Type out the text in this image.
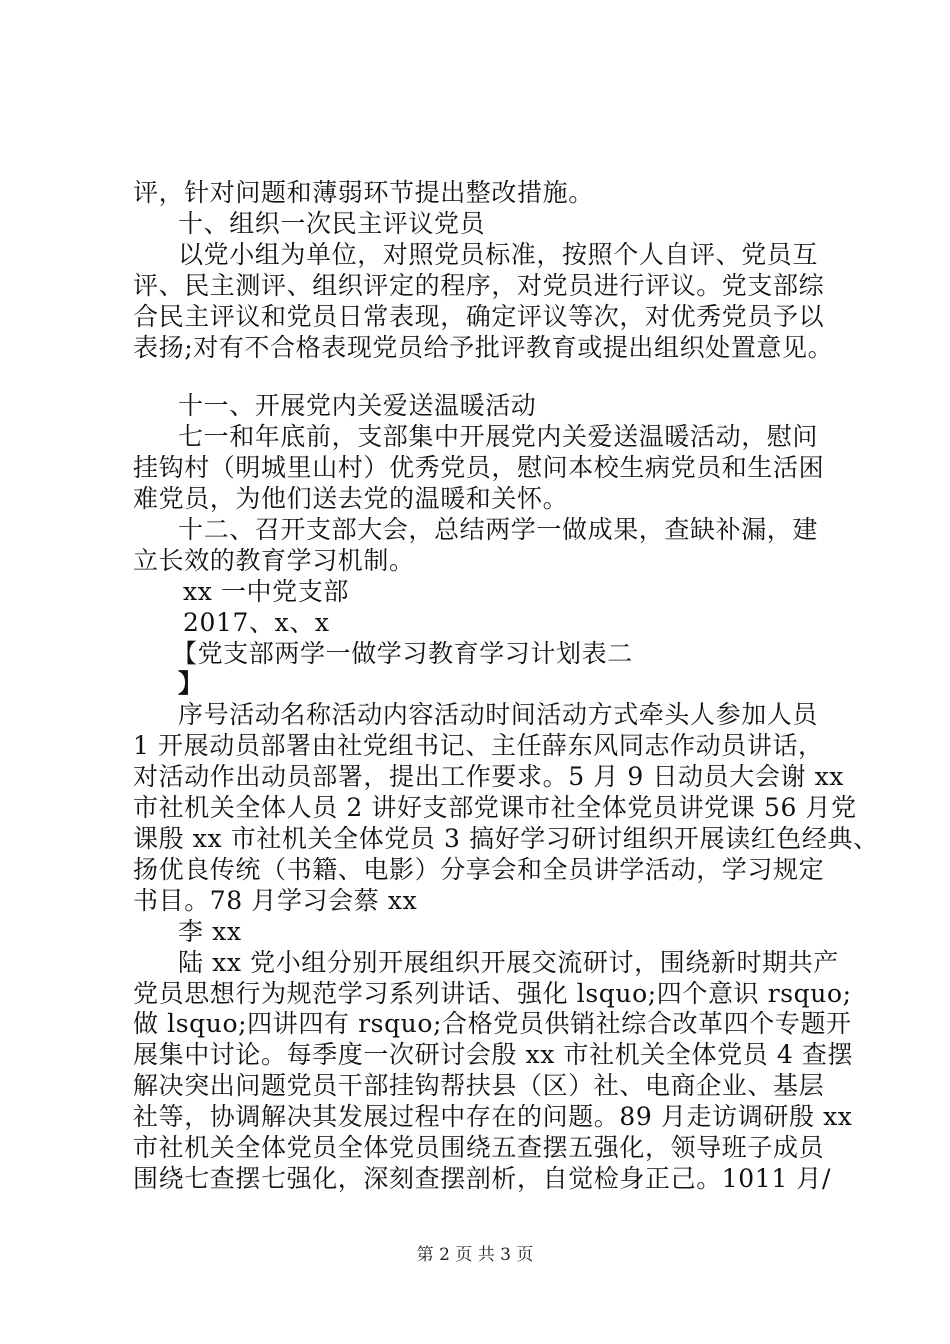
评，针对问题和薄弱环节提出整改措施。
十、组织一次民主评议党员
以党小组为单位，对照党员标准，按照个人自评、党员互
评、民主测评、组织评定的程序，对党员进行评议。党支部综
合民主评议和党员日常表现，确定评议等次，对优秀党员予以
表扬;对有不合格表现党员给予批评教育或提出组织处置意见。
十一、开展党内关爱送温暖活动
七一和年底前，支部集中开展党内关爱送温暖活动，慰问
挂钩村（明城里山村）优秀党员，慰问本校生病党员和生活困
难党员，为他们送去党的温暖和关怀。
十二、召开支部大会，总结两学一做成果，查缺补漏，建
立长效的教育学习机制。
xx 一中党支部
2017、x、x
【党支部两学一做学习教育学习计划表二
】
序号活动名称活动内容活动时间活动方式牵头人参加人员
1 开展动员部署由社党组书记、主任薛东风同志作动员讲话，
对活动作出动员部署，提出工作要求。5 月 9 日动员大会谢 xx
市社机关全体人员 2 讲好支部党课市社全体党员讲党课 56 月党
课殷 xx 市社机关全体党员 3 搞好学习研讨组织开展读红色经典、
扬优良传统（书籍、电影）分享会和全员讲学活动，学习规定
书目。78 月学习会蔡 xx
李 xx
陆 xx 党小组分别开展组织开展交流研讨，围绕新时期共产
党员思想行为规范学习系列讲话、强化 lsquo;四个意识 rsquo;
做 lsquo;四讲四有 rsquo;合格党员供销社综合改革四个专题开
展集中讨论。每季度一次研讨会殷 xx 市社机关全体党员 4 查摆
解决突出问题党员干部挂钩帮扶县（区）社、电商企业、基层
社等，协调解决其发展过程中存在的问题。89 月走访调研殷 xx
市社机关全体党员全体党员围绕五查摆五强化，领导班子成员
围绕七查摆七强化，深刻查摆剖析，自觉检身正己。1011 月/
第 2 页 共 3 页
